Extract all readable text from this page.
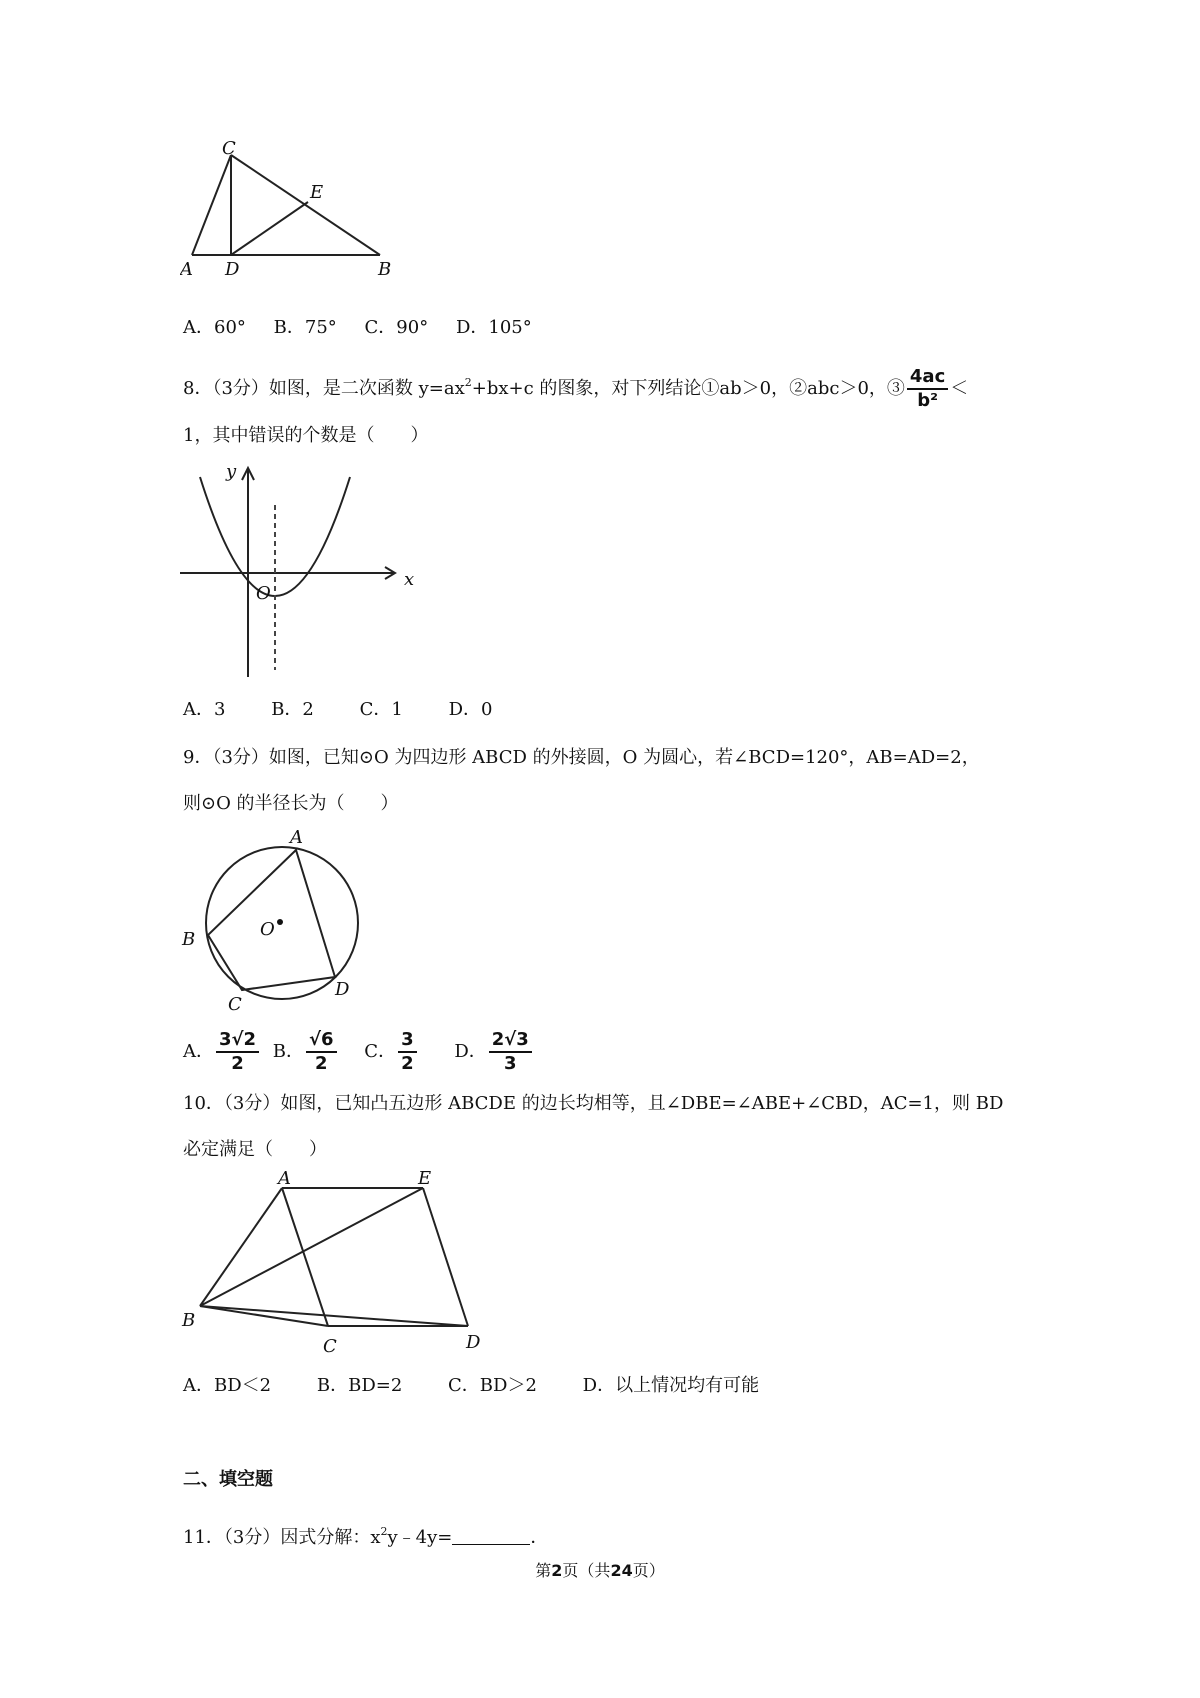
C
E
A D	B
A．60° B．75° C．90° D．105°
8．（3分）如图，是二次函数 $y=ax^2+bx+c$ 的图象，对下列结论①ab＞0，②abc＞0，③ $\frac{4ac}{\text{b²}}$ ＜
1，其中错误的个数是（　　）
y
x
O
A．3	B．2	C．1	D．0
9．（3分）如图，已知⊙O 为四边形 ABCD 的外接圆，O 为圆心，若∠BCD=120°，AB=AD=2，
则⊙O 的半径长为（　　）
A
B	O
C
D
A． $\frac{3√2}{2}$ B． $\frac{√6}{2}$ C． $\frac{3}{2}$ D． $\frac{2√3}{3}$
10．（3分）如图，已知凸五边形 ABCDE 的边长均相等，且∠DBE=∠ABE+∠CBD，AC=1，则 BD
必定满足（　　）
A	E
B
C	D
A．BD＜2	B．BD=2	C．BD＞2	D．以上情况均有可能
二、填空题
11．（3分）因式分解：$x^2y﹣4y=$	．
第2页（共24页）
